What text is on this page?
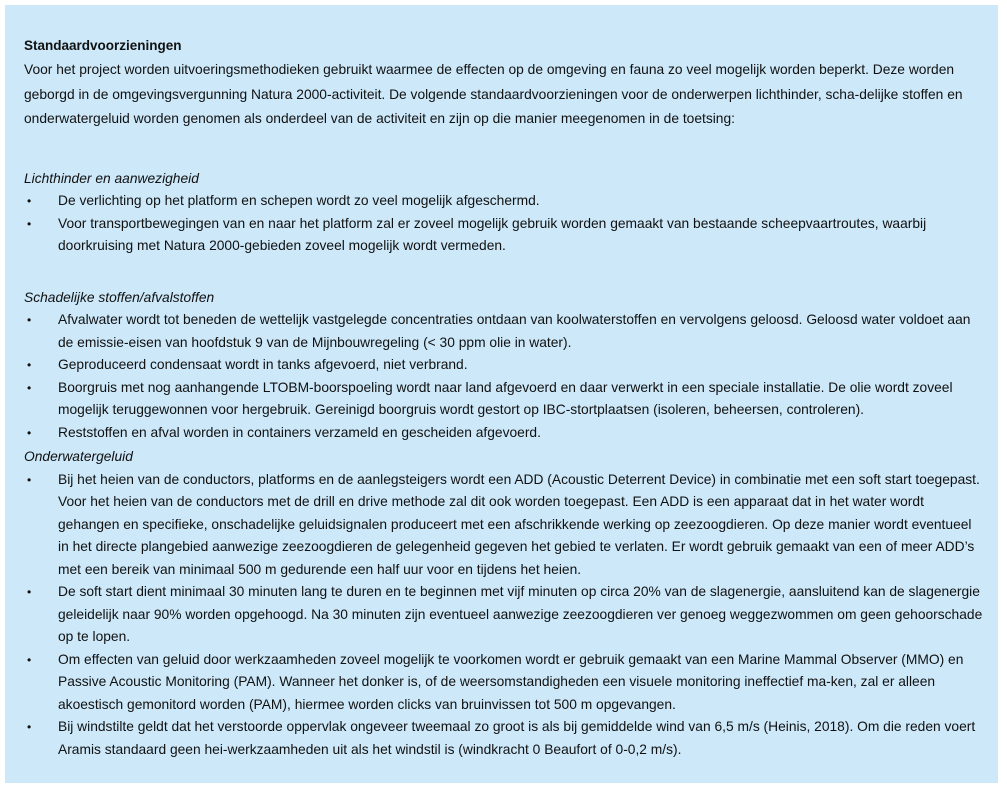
Standaardvoorzieningen

Voor het project worden uitvoeringsmethodieken gebruikt waarmee de effecten op de omgeving en fauna zo veel mogelijk worden beperkt. Deze worden geborgd in de omgevingsvergunning Natura 2000-activiteit. De volgende standaardvoorzieningen voor de onderwerpen lichthinder, scha-delijke stoffen en onderwatergeluid worden genomen als onderdeel van de activiteit en zijn op die manier meegenomen in de toetsing:

Lichthinder en aanwezigheid
• De verlichting op het platform en schepen wordt zo veel mogelijk afgeschermd.
• Voor transportbewegingen van en naar het platform zal er zoveel mogelijk gebruik worden gemaakt van bestaande scheepvaartroutes, waarbij doorkruising met Natura 2000-gebieden zoveel mogelijk wordt vermeden.
Schadelijke stoffen/afvalstoffen
• Afvalwater wordt tot beneden de wettelijk vastgelegde concentraties ontdaan van koolwaterstoffen en vervolgens geloosd. Geloosd water voldoet aan de emissie-eisen van hoofdstuk 9 van de Mijnbouwregeling (< 30 ppm olie in water).
• Geproduceerd condensaat wordt in tanks afgevoerd, niet verbrand.
• Boorgruis met nog aanhangende LTOBM-boorspoeling wordt naar land afgevoerd en daar verwerkt in een speciale installatie. De olie wordt zoveel mogelijk teruggewonnen voor hergebruik. Gereinigd boorgruis wordt gestort op IBC-stortplaatsen (isoleren, beheersen, controleren).
• Reststoffen en afval worden in containers verzameld en gescheiden afgevoerd.
Onderwatergeluid
• Bij het heien van de conductors, platforms en de aanlegsteigers wordt een ADD (Acoustic Deterrent Device) in combinatie met een soft start toegepast. Voor het heien van de conductors met de drill en drive methode zal dit ook worden toegepast. Een ADD is een apparaat dat in het water wordt gehangen en specifieke, onschadelijke geluidsignalen produceert met een afschrikkende werking op zeezoogdieren. Op deze manier wordt eventueel in het directe plangebied aanwezige zeezoogdieren de gelegenheid gegeven het gebied te verlaten. Er wordt gebruik gemaakt van een of meer ADD’s met een bereik van minimaal 500 m gedurende een half uur voor en tijdens het heien.
• De soft start dient minimaal 30 minuten lang te duren en te beginnen met vijf minuten op circa 20% van de slagenergie, aansluitend kan de slagenergie geleidelijk naar 90% worden opgehoogd. Na 30 minuten zijn eventueel aanwezige zeezoogdieren ver genoeg weggezwommen om geen gehoorschade op te lopen.
• Om effecten van geluid door werkzaamheden zoveel mogelijk te voorkomen wordt er gebruik gemaakt van een Marine Mammal Observer (MMO) en Passive Acoustic Monitoring (PAM). Wanneer het donker is, of de weersomstandigheden een visuele monitoring ineffectief ma-ken, zal er alleen akoestisch gemonitord worden (PAM), hiermee worden clicks van bruinvissen tot 500 m opgevangen.
• Bij windstilte geldt dat het verstoorde oppervlak ongeveer tweemaal zo groot is als bij gemiddelde wind van 6,5 m/s (Heinis, 2018). Om die reden voert Aramis standaard geen hei-werkzaamheden uit als het windstil is (windkracht 0 Beaufort of 0-0,2 m/s).
